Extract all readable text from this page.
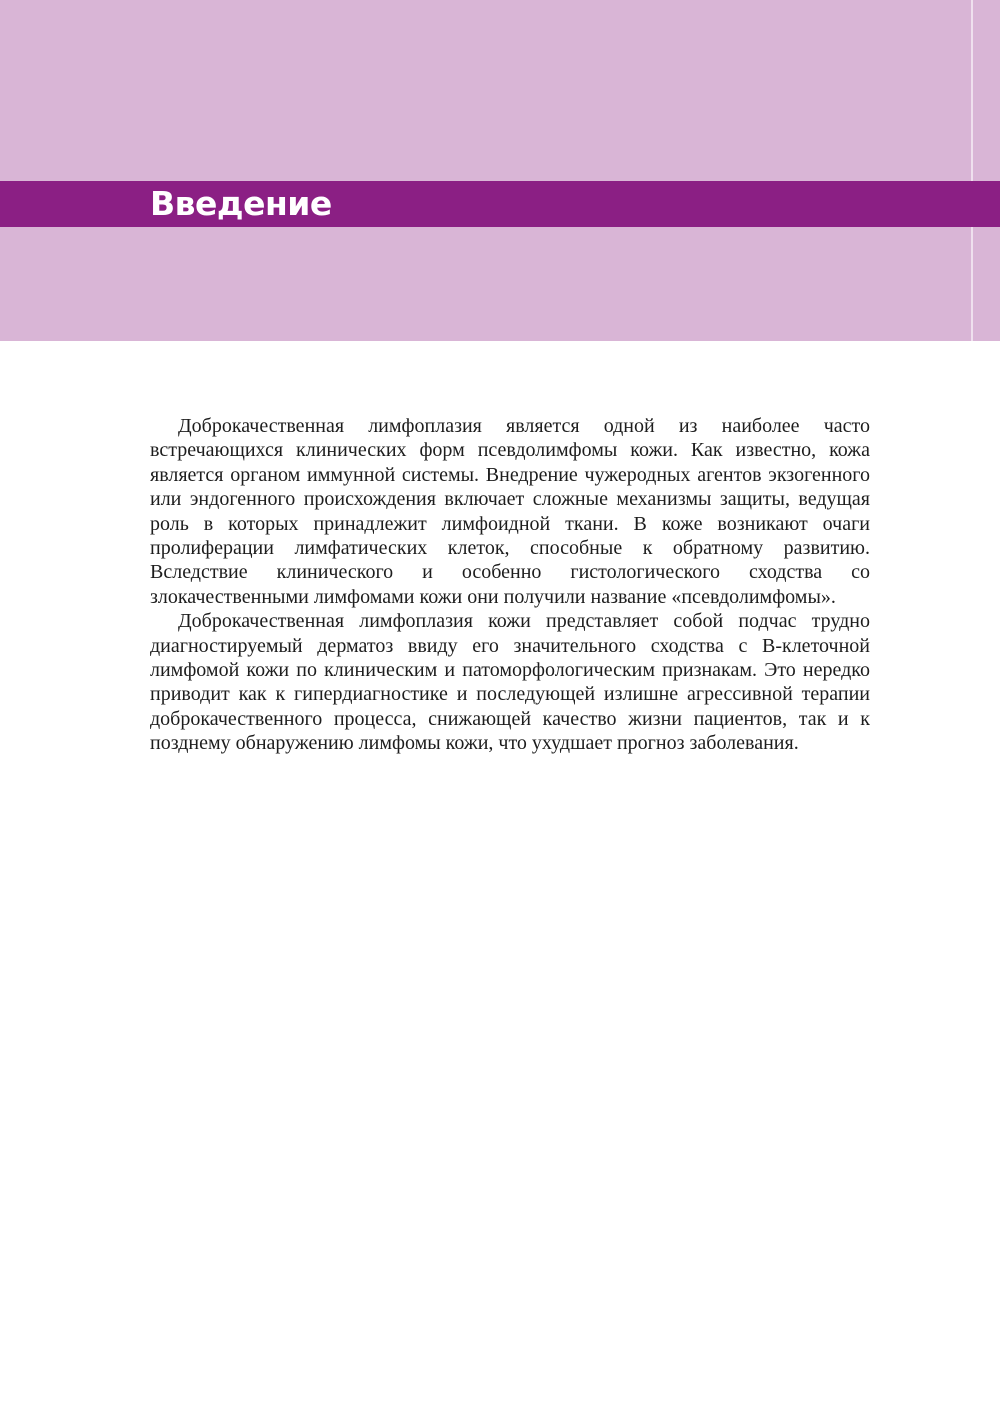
Введение

Доброкачественная лимфоплазия является одной из наиболее часто встречающихся клинических форм псевдолимфомы кожи. Как известно, кожа является органом иммунной системы. Внедрение чужеродных агентов экзогенного или эндогенного происхождения включает сложные механизмы защиты, ведущая роль в которых принадлежит лимфоидной ткани. В коже возникают очаги пролиферации лимфатических клеток, способные к обратному развитию. Вследствие клинического и особенно гистологического сходства со злокачественными лимфомами кожи они получили название «псевдолимфомы».

Доброкачественная лимфоплазия кожи представляет собой подчас трудно диагностируемый дерматоз ввиду его значительного сходства с B-клеточной лимфомой кожи по клиническим и патоморфологическим признакам. Это нередко приводит как к гипердиагностике и последующей излишне агрессивной терапии доброкачественного процесса, снижающей качество жизни пациентов, так и к позднему обнаружению лимфомы кожи, что ухудшает прогноз заболевания.
